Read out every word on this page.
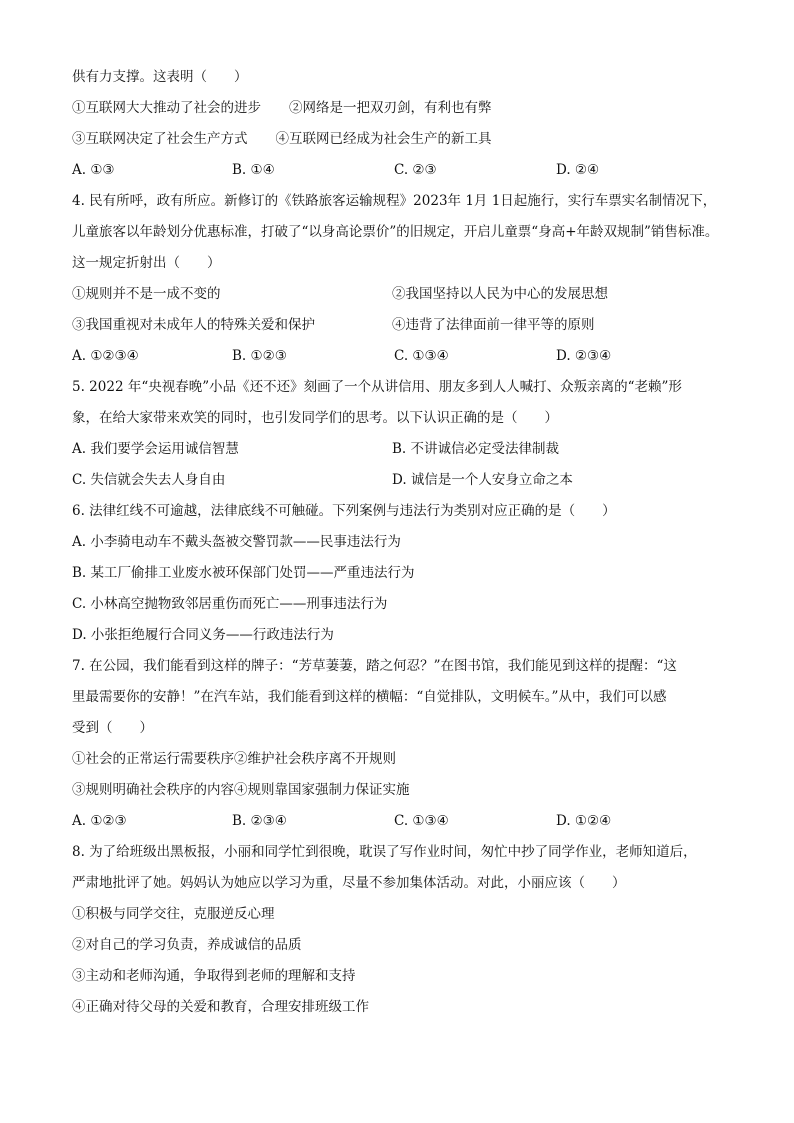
供有力支撑。这表明（　　）
①互联网大大推动了社会的进步 ②网络是一把双刃剑，有利也有弊
③互联网决定了社会生产方式 ④互联网已经成为社会生产的新工具
A. ①③	B. ①④	C. ②③	D. ②④
4. 民有所呼，政有所应。新修订的《铁路旅客运输规程》2023年 1月 1日起施行，实行车票实名制情况下，
儿童旅客以年龄划分优惠标准，打破了“以身高论票价”的旧规定，开启儿童票“身高+年龄双规制”销售标准。
这一规定折射出（　　）
①规则并不是一成不变的	②我国坚持以人民为中心的发展思想
③我国重视对未成年人的特殊关爱和保护	④违背了法律面前一律平等的原则
A. ①②③④	B. ①②③	C. ①③④	D. ②③④
5. 2022 年“央视春晚”小品《还不还》刻画了一个从讲信用、朋友多到人人喊打、众叛亲离的“老赖”形
象，在给大家带来欢笑的同时，也引发同学们的思考。以下认识正确的是（　　）
A. 我们要学会运用诚信智慧	B. 不讲诚信必定受法律制裁
C. 失信就会失去人身自由	D. 诚信是一个人安身立命之本
6. 法律红线不可逾越，法律底线不可触碰。下列案例与违法行为类别对应正确的是（　　）
A. 小李骑电动车不戴头盔被交警罚款——民事违法行为
B. 某工厂偷排工业废水被环保部门处罚——严重违法行为
C. 小林高空抛物致邻居重伤而死亡——刑事违法行为
D. 小张拒绝履行合同义务——行政违法行为
7. 在公园，我们能看到这样的牌子：“芳草萋萋，踏之何忍？”在图书馆，我们能见到这样的提醒：“这
里最需要你的安静！”在汽车站，我们能看到这样的横幅：“自觉排队，文明候车。”从中，我们可以感
受到（　　）
①社会的正常运行需要秩序②维护社会秩序离不开规则
③规则明确社会秩序的内容④规则靠国家强制力保证实施
A. ①②③	B. ②③④	C. ①③④	D. ①②④
8. 为了给班级出黑板报，小丽和同学忙到很晚，耽误了写作业时间，匆忙中抄了同学作业，老师知道后，
严肃地批评了她。妈妈认为她应以学习为重，尽量不参加集体活动。对此，小丽应该（　　）
①积极与同学交往，克服逆反心理
②对自己的学习负责，养成诚信的品质
③主动和老师沟通，争取得到老师的理解和支持
④正确对待父母的关爱和教育，合理安排班级工作
